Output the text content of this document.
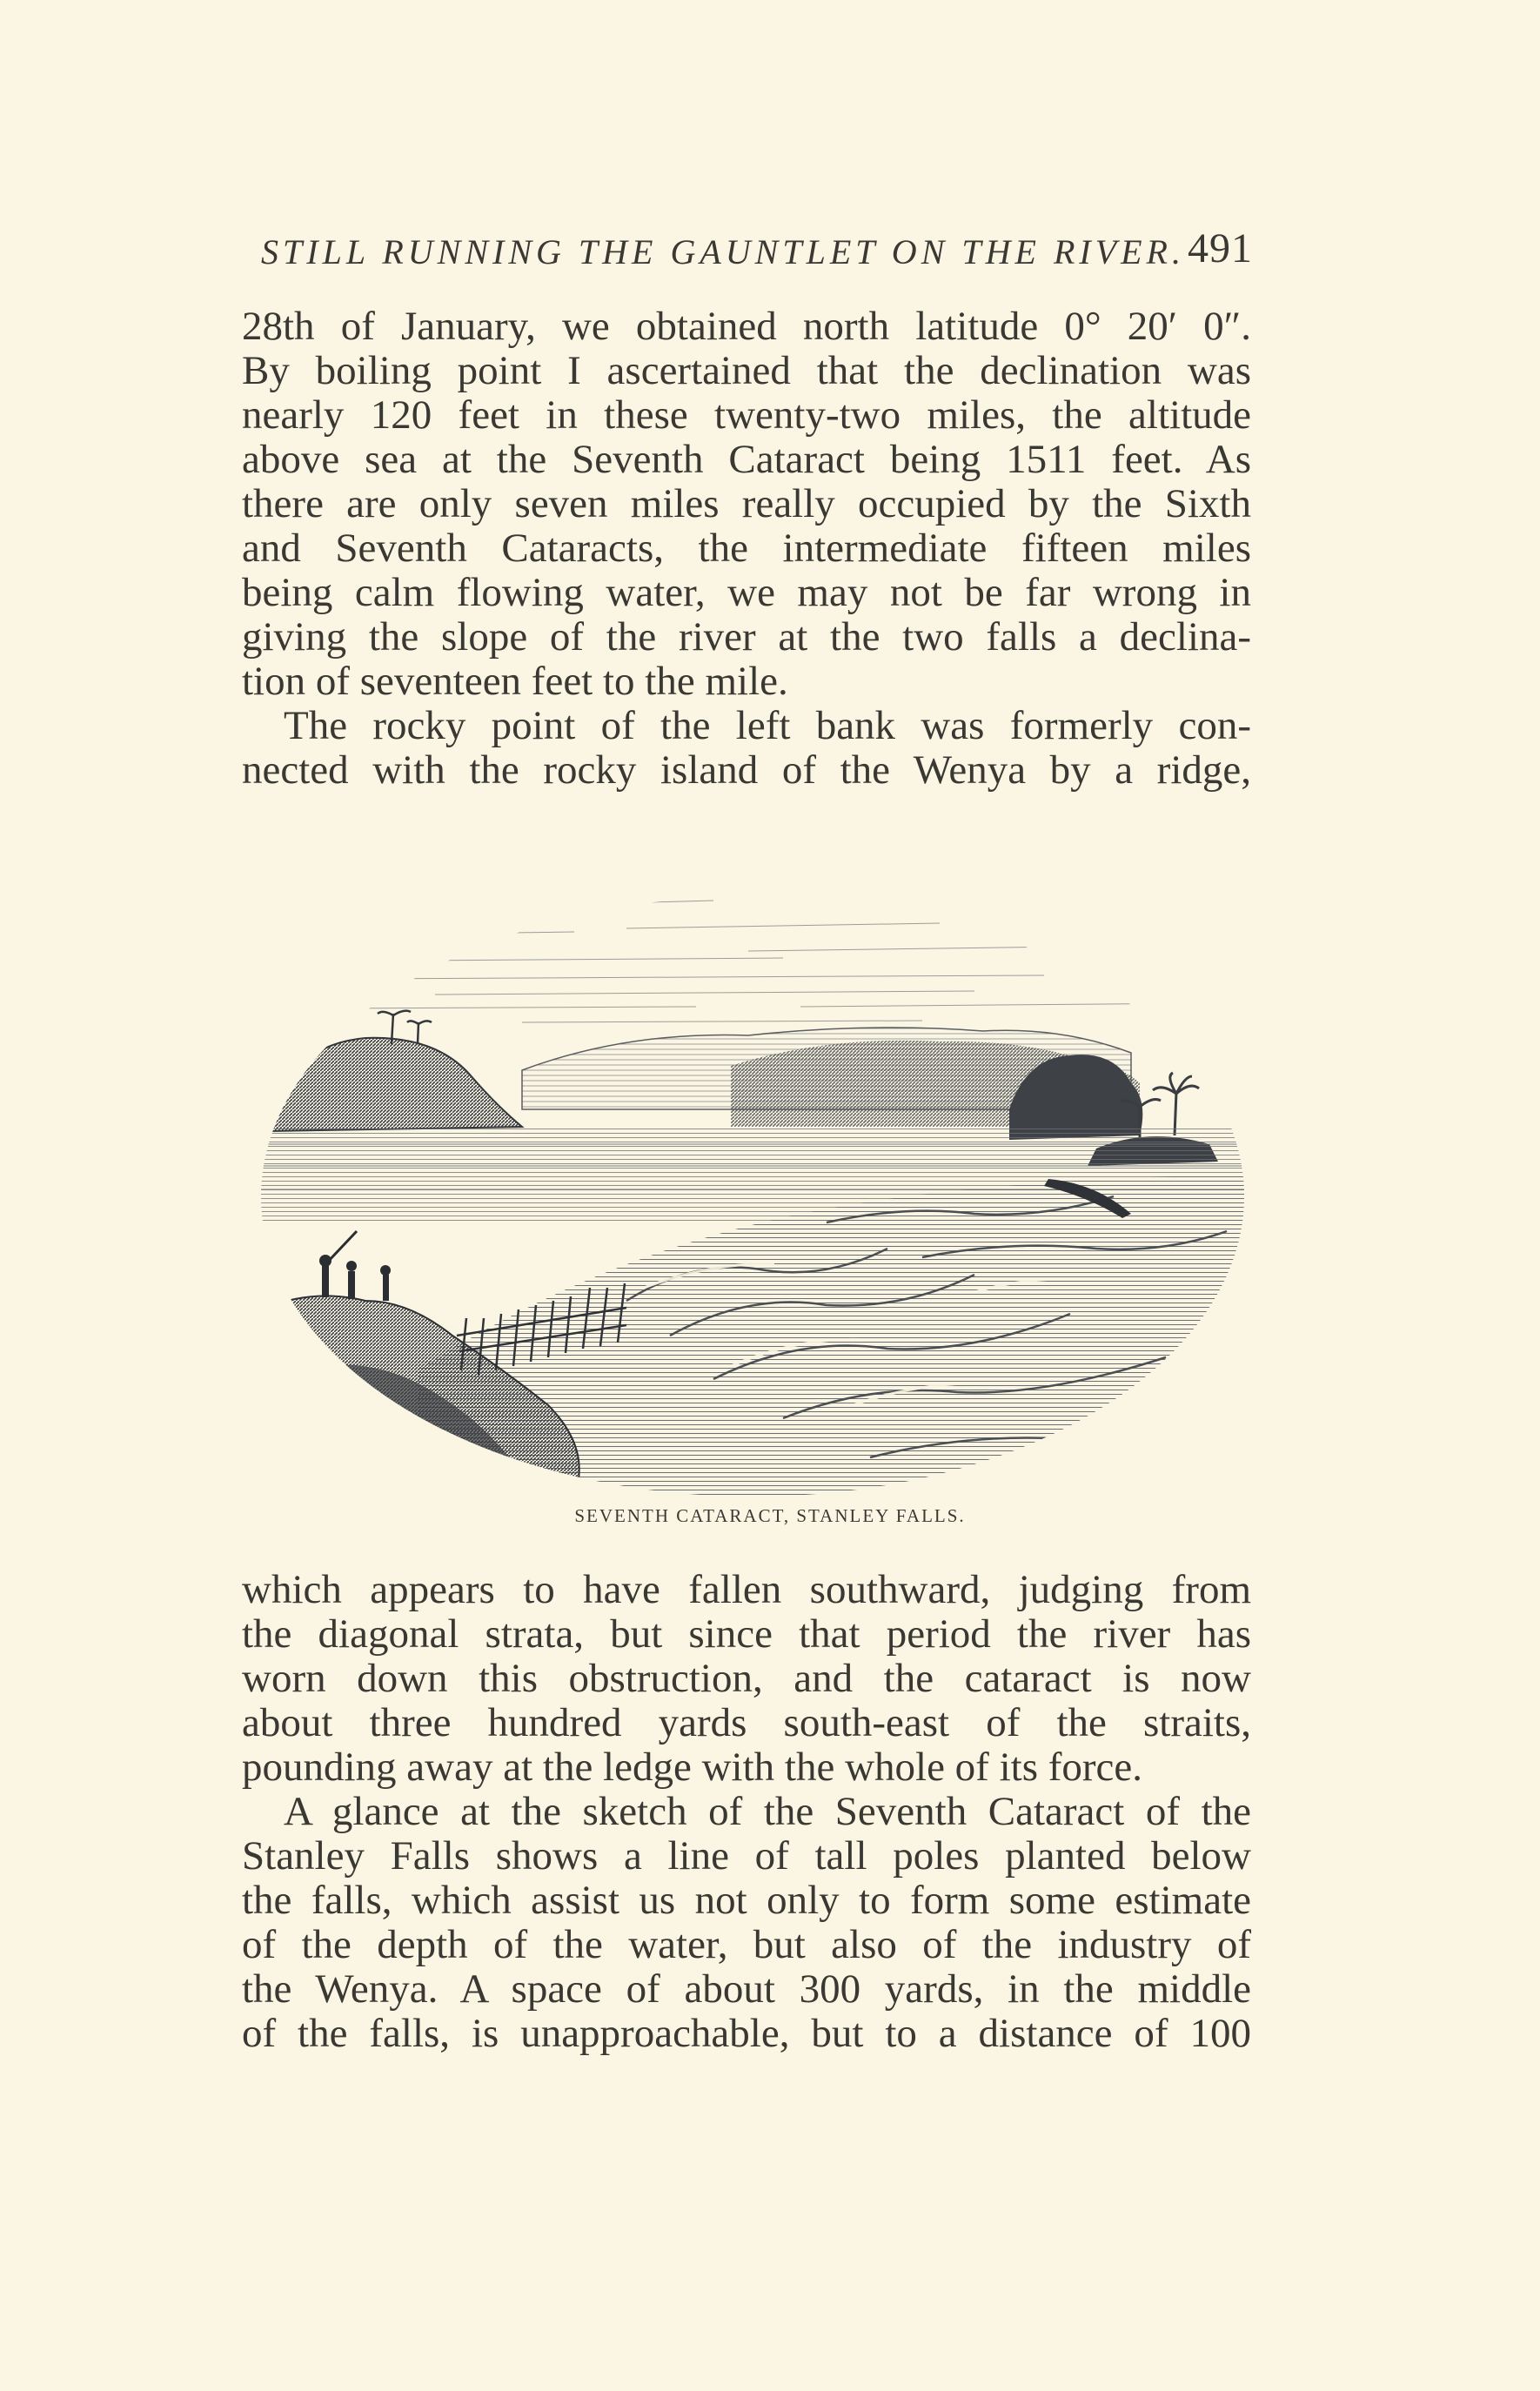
STILL RUNNING THE GAUNTLET ON THE RIVER. 491
28th of January, we obtained north latitude 0° 20′ 0″.
By boiling point I ascertained that the declination was
nearly 120 feet in these twenty-two miles, the altitude
above sea at the Seventh Cataract being 1511 feet. As
there are only seven miles really occupied by the Sixth
and Seventh Cataracts, the intermediate fifteen miles
being calm flowing water, we may not be far wrong in
giving the slope of the river at the two falls a declina-
tion of seventeen feet to the mile.
The rocky point of the left bank was formerly con-
nected with the rocky island of the Wenya by a ridge,
SEVENTH CATARACT, STANLEY FALLS.
which appears to have fallen southward, judging from
the diagonal strata, but since that period the river has
worn down this obstruction, and the cataract is now
about three hundred yards south-east of the straits,
pounding away at the ledge with the whole of its force.
A glance at the sketch of the Seventh Cataract of the
Stanley Falls shows a line of tall poles planted below
the falls, which assist us not only to form some estimate
of the depth of the water, but also of the industry of
the Wenya. A space of about 300 yards, in the middle
of the falls, is unapproachable, but to a distance of 100
